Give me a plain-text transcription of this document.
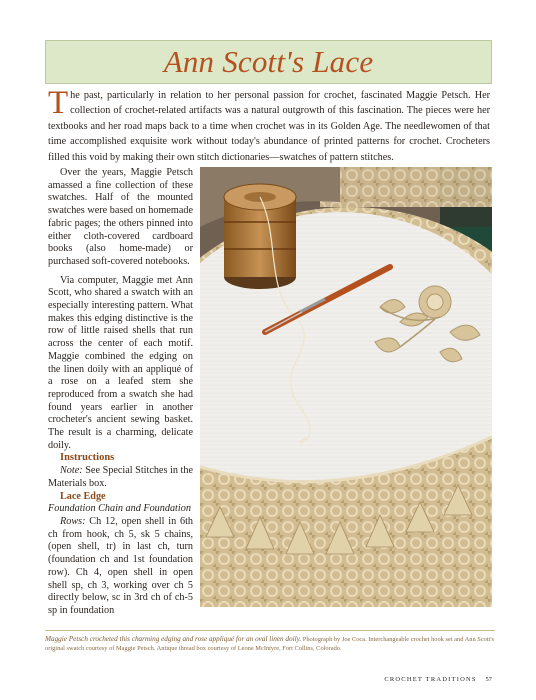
Ann Scott's Lace

The past, particularly in relation to her personal passion for crochet, fascinated Maggie Petsch. Her collection of crochet-related artifacts was a natural outgrowth of this fascination. The pieces were her textbooks and her road maps back to a time when crochet was in its Golden Age. The needlewomen of that time accomplished exquisite work without today's abundance of printed patterns for crochet. Crocheters filled this void by making their own stitch dictionaries—swatches of pattern stitches.

Over the years, Maggie Petsch amassed a fine collection of these swatches. Half of the mounted swatches were based on homemade fabric pages; the others pinned into either cloth-covered cardboard books (also home-made) or purchased soft-covered notebooks.

Via computer, Maggie met Ann Scott, who shared a swatch with an especially interesting pattern. What makes this edging distinctive is the row of little raised shells that run across the center of each motif. Maggie combined the edging on the linen doily with an appliqué of a rose on a leafed stem she reproduced from a swatch she had found years earlier in another crocheter's ancient sewing basket. The result is a charming, delicate doily.

Instructions

Note: See Special Stitches in the Materials box.

Lace Edge

Foundation Chain and Foundation

Rows: Ch 12, open shell in 6th ch from hook, ch 5, sk 5 chains, (open shell, tr) in last ch, turn (foundation ch and 1st foundation row). Ch 4, open shell in open shell sp, ch 3, working over ch 5 directly below, sc in 3rd ch of ch-5 sp in foundation

Maggie Petsch crocheted this charming edging and rose appliqué for an oval linen doily. Photograph by Joe Coca. Interchangeable crochet hook set and Ann Scott's original swatch courtesy of Maggie Petsch. Antique thread box courtesy of Leone McIntyre, Fort Collins, Colorado.

CROCHET TRADITIONS 57
